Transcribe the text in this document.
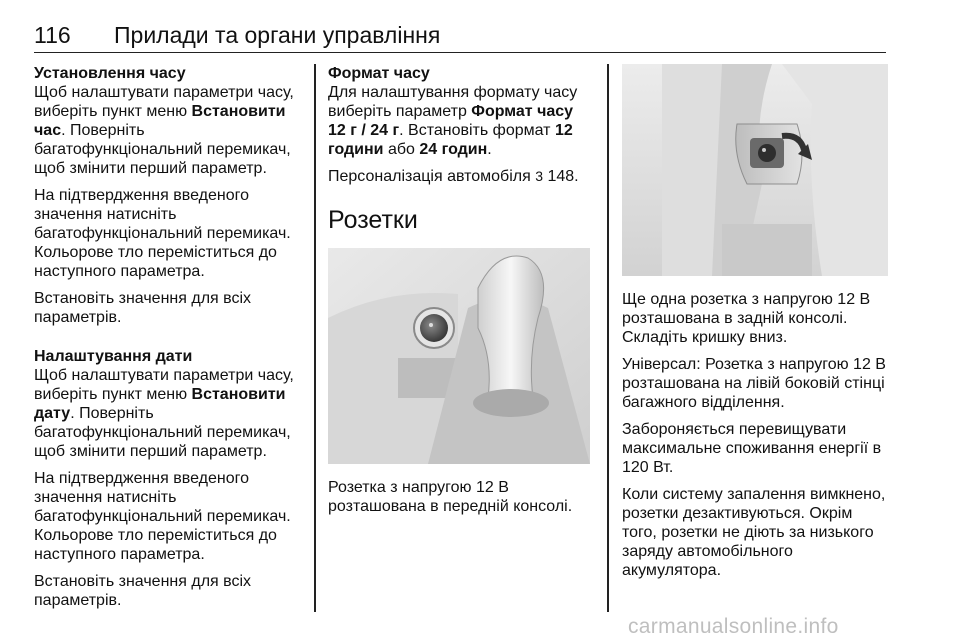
116 Прилади та органи управління
Установлення часу

Щоб налаштувати параметри часу, виберіть пункт меню Встановити час. Поверніть багатофункціональний перемикач, щоб змінити перший параметр.

На підтвердження введеного значення натисніть багатофункціональний перемикач. Кольорове тло переміститься до наступного параметра.

Встановіть значення для всіх параметрів.

Налаштування дати

Щоб налаштувати параметри часу, виберіть пункт меню Встановити дату. Поверніть багатофункціональний перемикач, щоб змінити перший параметр.

На підтвердження введеного значення натисніть багатофункціональний перемикач. Кольорове тло переміститься до наступного параметра.

Встановіть значення для всіх параметрів.

Формат часу

Для налаштування формату часу виберіть параметр Формат часу 12 г / 24 г. Встановіть формат 12 години або 24 годин.

Персоналізація автомобіля 3 148.

Розетки

Розетка з напругою 12 В розташована в передній консолі.

Ще одна розетка з напругою 12 В розташована в задній консолі. Складіть кришку вниз.

Універсал: Розетка з напругою 12 В розташована на лівій боковій стінці багажного відділення.

Забороняється перевищувати максимальне споживання енергії в 120 Вт.

Коли систему запалення вимкнено, розетки дезактивуються. Окрім того, розетки не діють за низького заряду автомобільного акумулятора.

carmanualsonline.info
